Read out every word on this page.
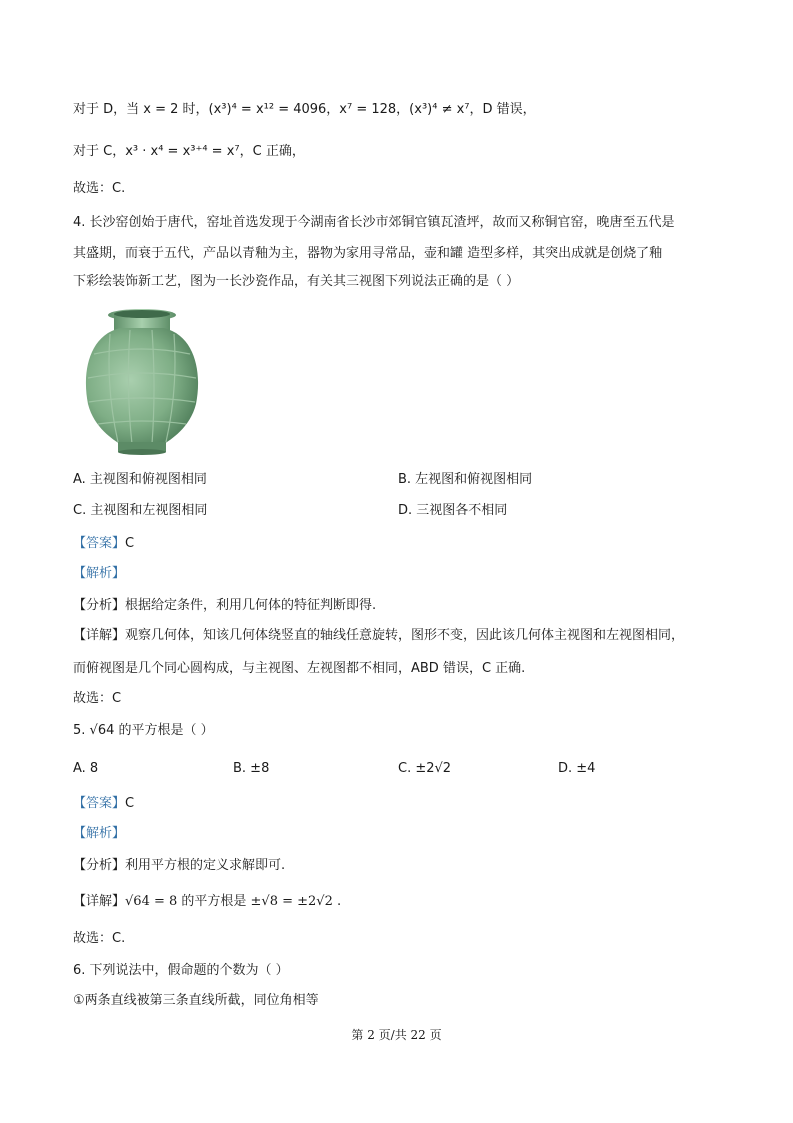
对于 D，当 x = 2 时，(x³)⁴ = x¹² = 4096，x⁷ = 128，(x³)⁴ ≠ x⁷，D 错误，
对于 C，x³ · x⁴ = x³⁺⁴ = x⁷，C 正确，
故选：C.
4. 长沙窑创始于唐代，窑址首选发现于今湖南省长沙市郊铜官镇瓦渣坪，故而又称铜官窑，晚唐至五代是
其盛期，而衰于五代，产品以青釉为主，器物为家用寻常品，壶和罐 造型多样，其突出成就是创烧了釉
下彩绘装饰新工艺，图为一长沙瓷作品，有关其三视图下列说法正确的是（ ）
A. 主视图和俯视图相同	B. 左视图和俯视图相同
C. 主视图和左视图相同	D. 三视图各不相同
【答案】C
【解析】
【分析】根据给定条件，利用几何体的特征判断即得.
【详解】观察几何体，知该几何体绕竖直的轴线任意旋转，图形不变，因此该几何体主视图和左视图相同，
而俯视图是几个同心圆构成，与主视图、左视图都不相同，ABD 错误，C 正确.
故选：C
5. √64 的平方根是（ ）
A. 8	B. ±8	C. ±2√2	D. ±4
【答案】C
【解析】
【分析】利用平方根的定义求解即可.
【详解】√64 = 8 的平方根是 ±√8 = ±2√2 .
故选：C.
6. 下列说法中，假命题的个数为（ ）
①两条直线被第三条直线所截，同位角相等
第 2 页/共 22 页
